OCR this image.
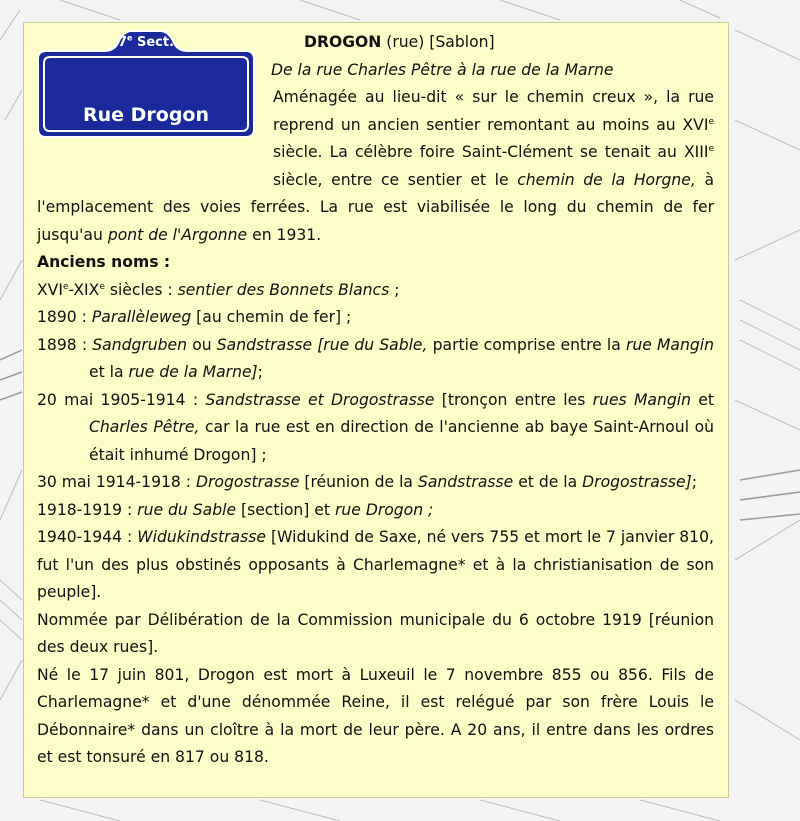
7e Sect.
Rue Drogon

DROGON (rue) [Sablon]

De la rue Charles Pêtre à la rue de la Marne

Aménagée au lieu-dit « sur le chemin creux », la rue reprend un ancien sentier remontant au moins au XVIe siècle. La célèbre foire Saint-Clément se tenait au XIIIe siècle, entre ce sentier et le chemin de la Horgne, à l'emplacement des voies ferrées. La rue est viabilisée le long du chemin de fer jusqu'au pont de l'Argonne en 1931.

Anciens noms :

XVIe-XIXe siècles : sentier des Bonnets Blancs ;

1890 : Parallèleweg [au chemin de fer] ;

1898 : Sandgruben ou Sandstrasse [rue du Sable, partie comprise entre la rue Mangin et la rue de la Marne];

20 mai 1905-1914 : Sandstrasse et Drogostrasse [tronçon entre les rues Mangin et Charles Pêtre, car la rue est en direction de l'ancienne ab baye Saint-Arnoul où était inhumé Drogon] ;

30 mai 1914-1918 : Drogostrasse [réunion de la Sandstrasse et de la Drogostrasse];

1918-1919 : rue du Sable [section] et rue Drogon ;

1940-1944 : Widukindstrasse [Widukind de Saxe, né vers 755 et mort le 7 janvier 810, fut l'un des plus obstinés opposants à Charlemagne* et à la christianisation de son peuple].

Nommée par Délibération de la Commission municipale du 6 octobre 1919 [réunion des deux rues].

Né le 17 juin 801, Drogon est mort à Luxeuil le 7 novembre 855 ou 856. Fils de Charlemagne* et d'une dénommée Reine, il est relégué par son frère Louis le Débonnaire* dans un cloître à la mort de leur père. A 20 ans, il entre dans les ordres et est tonsuré en 817 ou 818.
